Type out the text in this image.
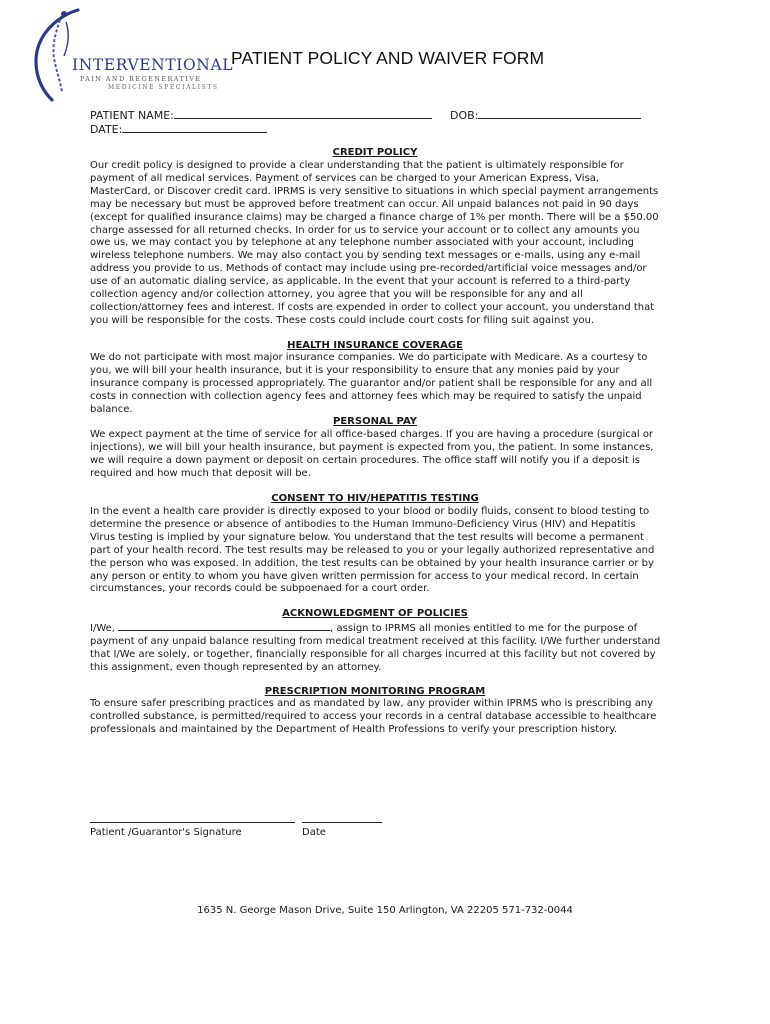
INTERVENTIONAL
PAIN AND REGENERATIVE
MEDICINE SPECIALISTS
PATIENT POLICY AND WAIVER FORM
PATIENT NAME:	DOB:
DATE:
CREDIT POLICY

Our credit policy is designed to provide a clear understanding that the patient is ultimately responsible for payment of all medical services. Payment of services can be charged to your American Express, Visa, MasterCard, or Discover credit card. IPRMS is very sensitive to situations in which special payment arrangements may be necessary but must be approved before treatment can occur. All unpaid balances not paid in 90 days (except for qualified insurance claims) may be charged a finance charge of 1% per month. There will be a $50.00 charge assessed for all returned checks. In order for us to service your account or to collect any amounts you owe us, we may contact you by telephone at any telephone number associated with your account, including wireless telephone numbers. We may also contact you by sending text messages or e-mails, using any e-mail address you provide to us. Methods of contact may include using pre-recorded/artificial voice messages and/or use of an automatic dialing service, as applicable. In the event that your account is referred to a third-party collection agency and/or collection attorney, you agree that you will be responsible for any and all collection/attorney fees and interest. If costs are expended in order to collect your account, you understand that you will be responsible for the costs. These costs could include court costs for filing suit against you.

HEALTH INSURANCE COVERAGE

We do not participate with most major insurance companies. We do participate with Medicare. As a courtesy to you, we will bill your health insurance, but it is your responsibility to ensure that any monies paid by your insurance company is processed appropriately. The guarantor and/or patient shall be responsible for any and all costs in connection with collection agency fees and attorney fees which may be required to satisfy the unpaid balance.

PERSONAL PAY

We expect payment at the time of service for all office-based charges. If you are having a procedure (surgical or injections), we will bill your health insurance, but payment is expected from you, the patient. In some instances, we will require a down payment or deposit on certain procedures. The office staff will notify you if a deposit is required and how much that deposit will be.

CONSENT TO HIV/HEPATITIS TESTING

In the event a health care provider is directly exposed to your blood or bodily fluids, consent to blood testing to determine the presence or absence of antibodies to the Human Immuno-Deficiency Virus (HIV) and Hepatitis Virus testing is implied by your signature below. You understand that the test results will become a permanent part of your health record. The test results may be released to you or your legally authorized representative and the person who was exposed. In addition, the test results can be obtained by your health insurance carrier or by any person or entity to whom you have given written permission for access to your medical record. In certain circumstances, your records could be subpoenaed for a court order.

ACKNOWLEDGMENT OF POLICIES

I/We,	, assign to IPRMS all monies entitled to me for the purpose of payment of any unpaid balance resulting from medical treatment received at this facility. I/We further understand that I/We are solely, or together, financially responsible for all charges incurred at this facility but not covered by this assignment, even though represented by an attorney.

PRESCRIPTION MONITORING PROGRAM

To ensure safer prescribing practices and as mandated by law, any provider within IPRMS who is prescribing any controlled substance, is permitted/required to access your records in a central database accessible to healthcare professionals and maintained by the Department of Health Professions to verify your prescription history.

Patient /Guarantor's Signature	Date
1635 N. George Mason Drive, Suite 150 Arlington, VA 22205 571-732-0044
